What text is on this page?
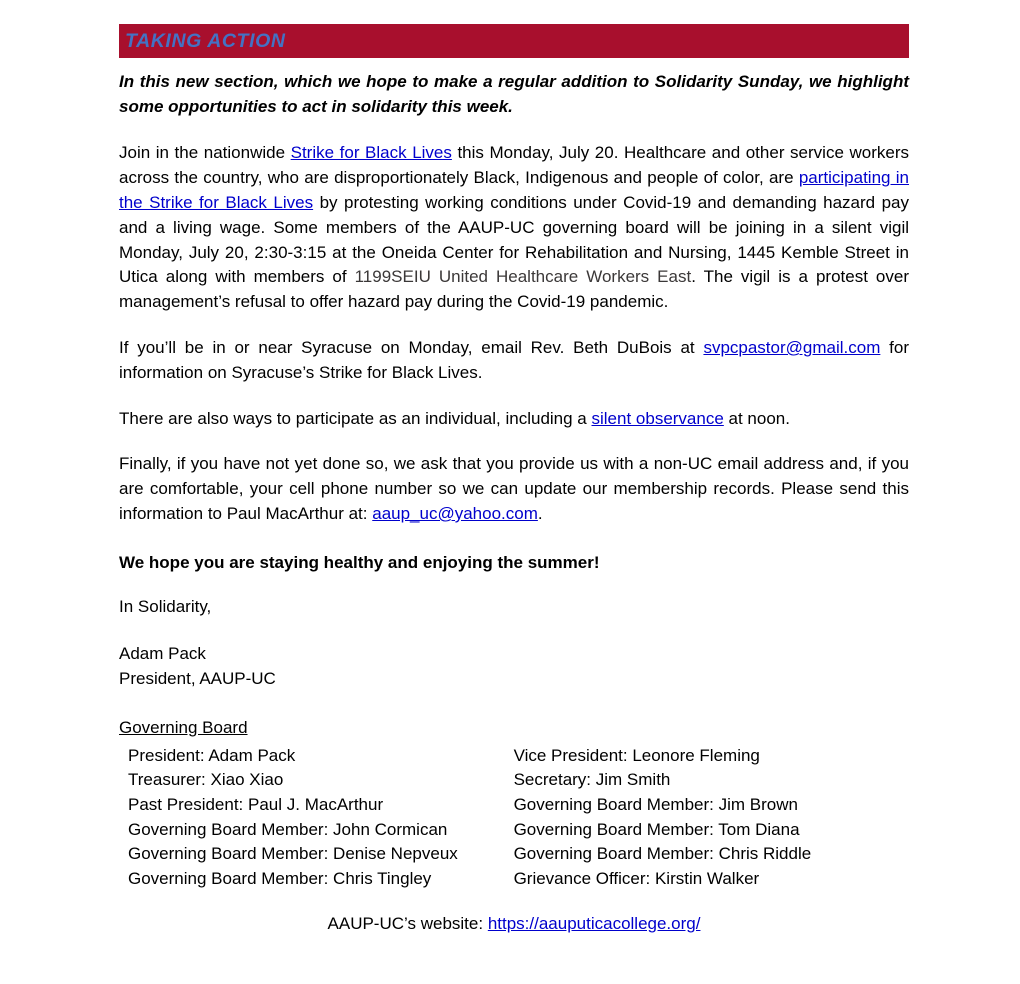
TAKING ACTION
In this new section, which we hope to make a regular addition to Solidarity Sunday, we highlight some opportunities to act in solidarity this week.

Join in the nationwide Strike for Black Lives this Monday, July 20. Healthcare and other service workers across the country, who are disproportionately Black, Indigenous and people of color, are participating in the Strike for Black Lives by protesting working conditions under Covid-19 and demanding hazard pay and a living wage. Some members of the AAUP-UC governing board will be joining in a silent vigil Monday, July 20, 2:30-3:15 at the Oneida Center for Rehabilitation and Nursing, 1445 Kemble Street in Utica along with members of 1199SEIU United Healthcare Workers East. The vigil is a protest over management’s refusal to offer hazard pay during the Covid-19 pandemic.

If you’ll be in or near Syracuse on Monday, email Rev. Beth DuBois at svpcpastor@gmail.com for information on Syracuse’s Strike for Black Lives.

There are also ways to participate as an individual, including a silent observance at noon.

Finally, if you have not yet done so, we ask that you provide us with a non-UC email address and, if you are comfortable, your cell phone number so we can update our membership records. Please send this information to Paul MacArthur at: aaup_uc@yahoo.com.

We hope you are staying healthy and enjoying the summer!
In Solidarity,
Adam Pack
President, AAUP-UC
Governing Board
President: Adam Pack	Vice President: Leonore Fleming
Treasurer: Xiao Xiao	Secretary: Jim Smith
Past President: Paul J. MacArthur	Governing Board Member: Jim Brown
Governing Board Member: John Cormican	Governing Board Member: Tom Diana
Governing Board Member: Denise Nepveux	Governing Board Member: Chris Riddle
Governing Board Member: Chris Tingley	Grievance Officer: Kirstin Walker
AAUP-UC’s website: https://aauputicacollege.org/
